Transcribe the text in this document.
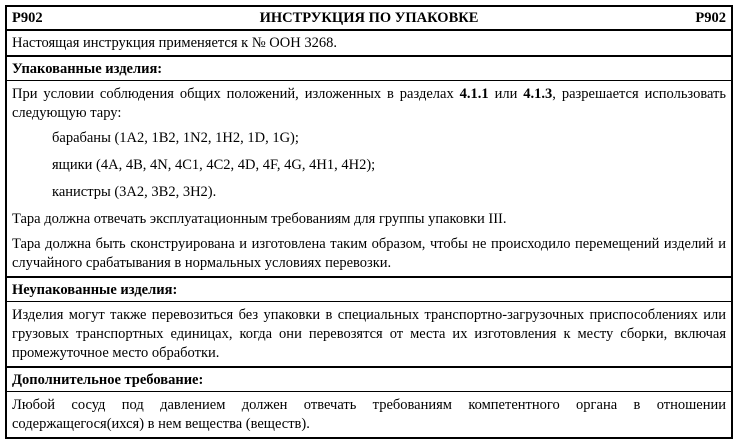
P902	ИНСТРУКЦИЯ ПО УПАКОВКЕ	P902
Настоящая инструкция применяется к № ООН 3268.
Упакованные изделия:

При условии соблюдения общих положений, изложенных в разделах 4.1.1 или 4.1.3, разрешается использовать следующую тару:

барабаны (1A2, 1B2, 1N2, 1H2, 1D, 1G);

ящики (4A, 4B, 4N, 4C1, 4C2, 4D, 4F, 4G, 4H1, 4H2);

канистры (3A2, 3B2, 3H2).

Тара должна отвечать эксплуатационным требованиям для группы упаковки III.

Тара должна быть сконструирована и изготовлена таким образом, чтобы не происходило перемещений изделий и случайного срабатывания в нормальных условиях перевозки.

Неупакованные изделия:

Изделия могут также перевозиться без упаковки в специальных транспортно-загрузочных приспособлениях или грузовых транспортных единицах, когда они перевозятся от места их изготовления к месту сборки, включая промежуточное место обработки.

Дополнительное требование:

Любой сосуд под давлением должен отвечать требованиям компетентного органа в отношении содержащегося(ихся) в нем вещества (веществ).
